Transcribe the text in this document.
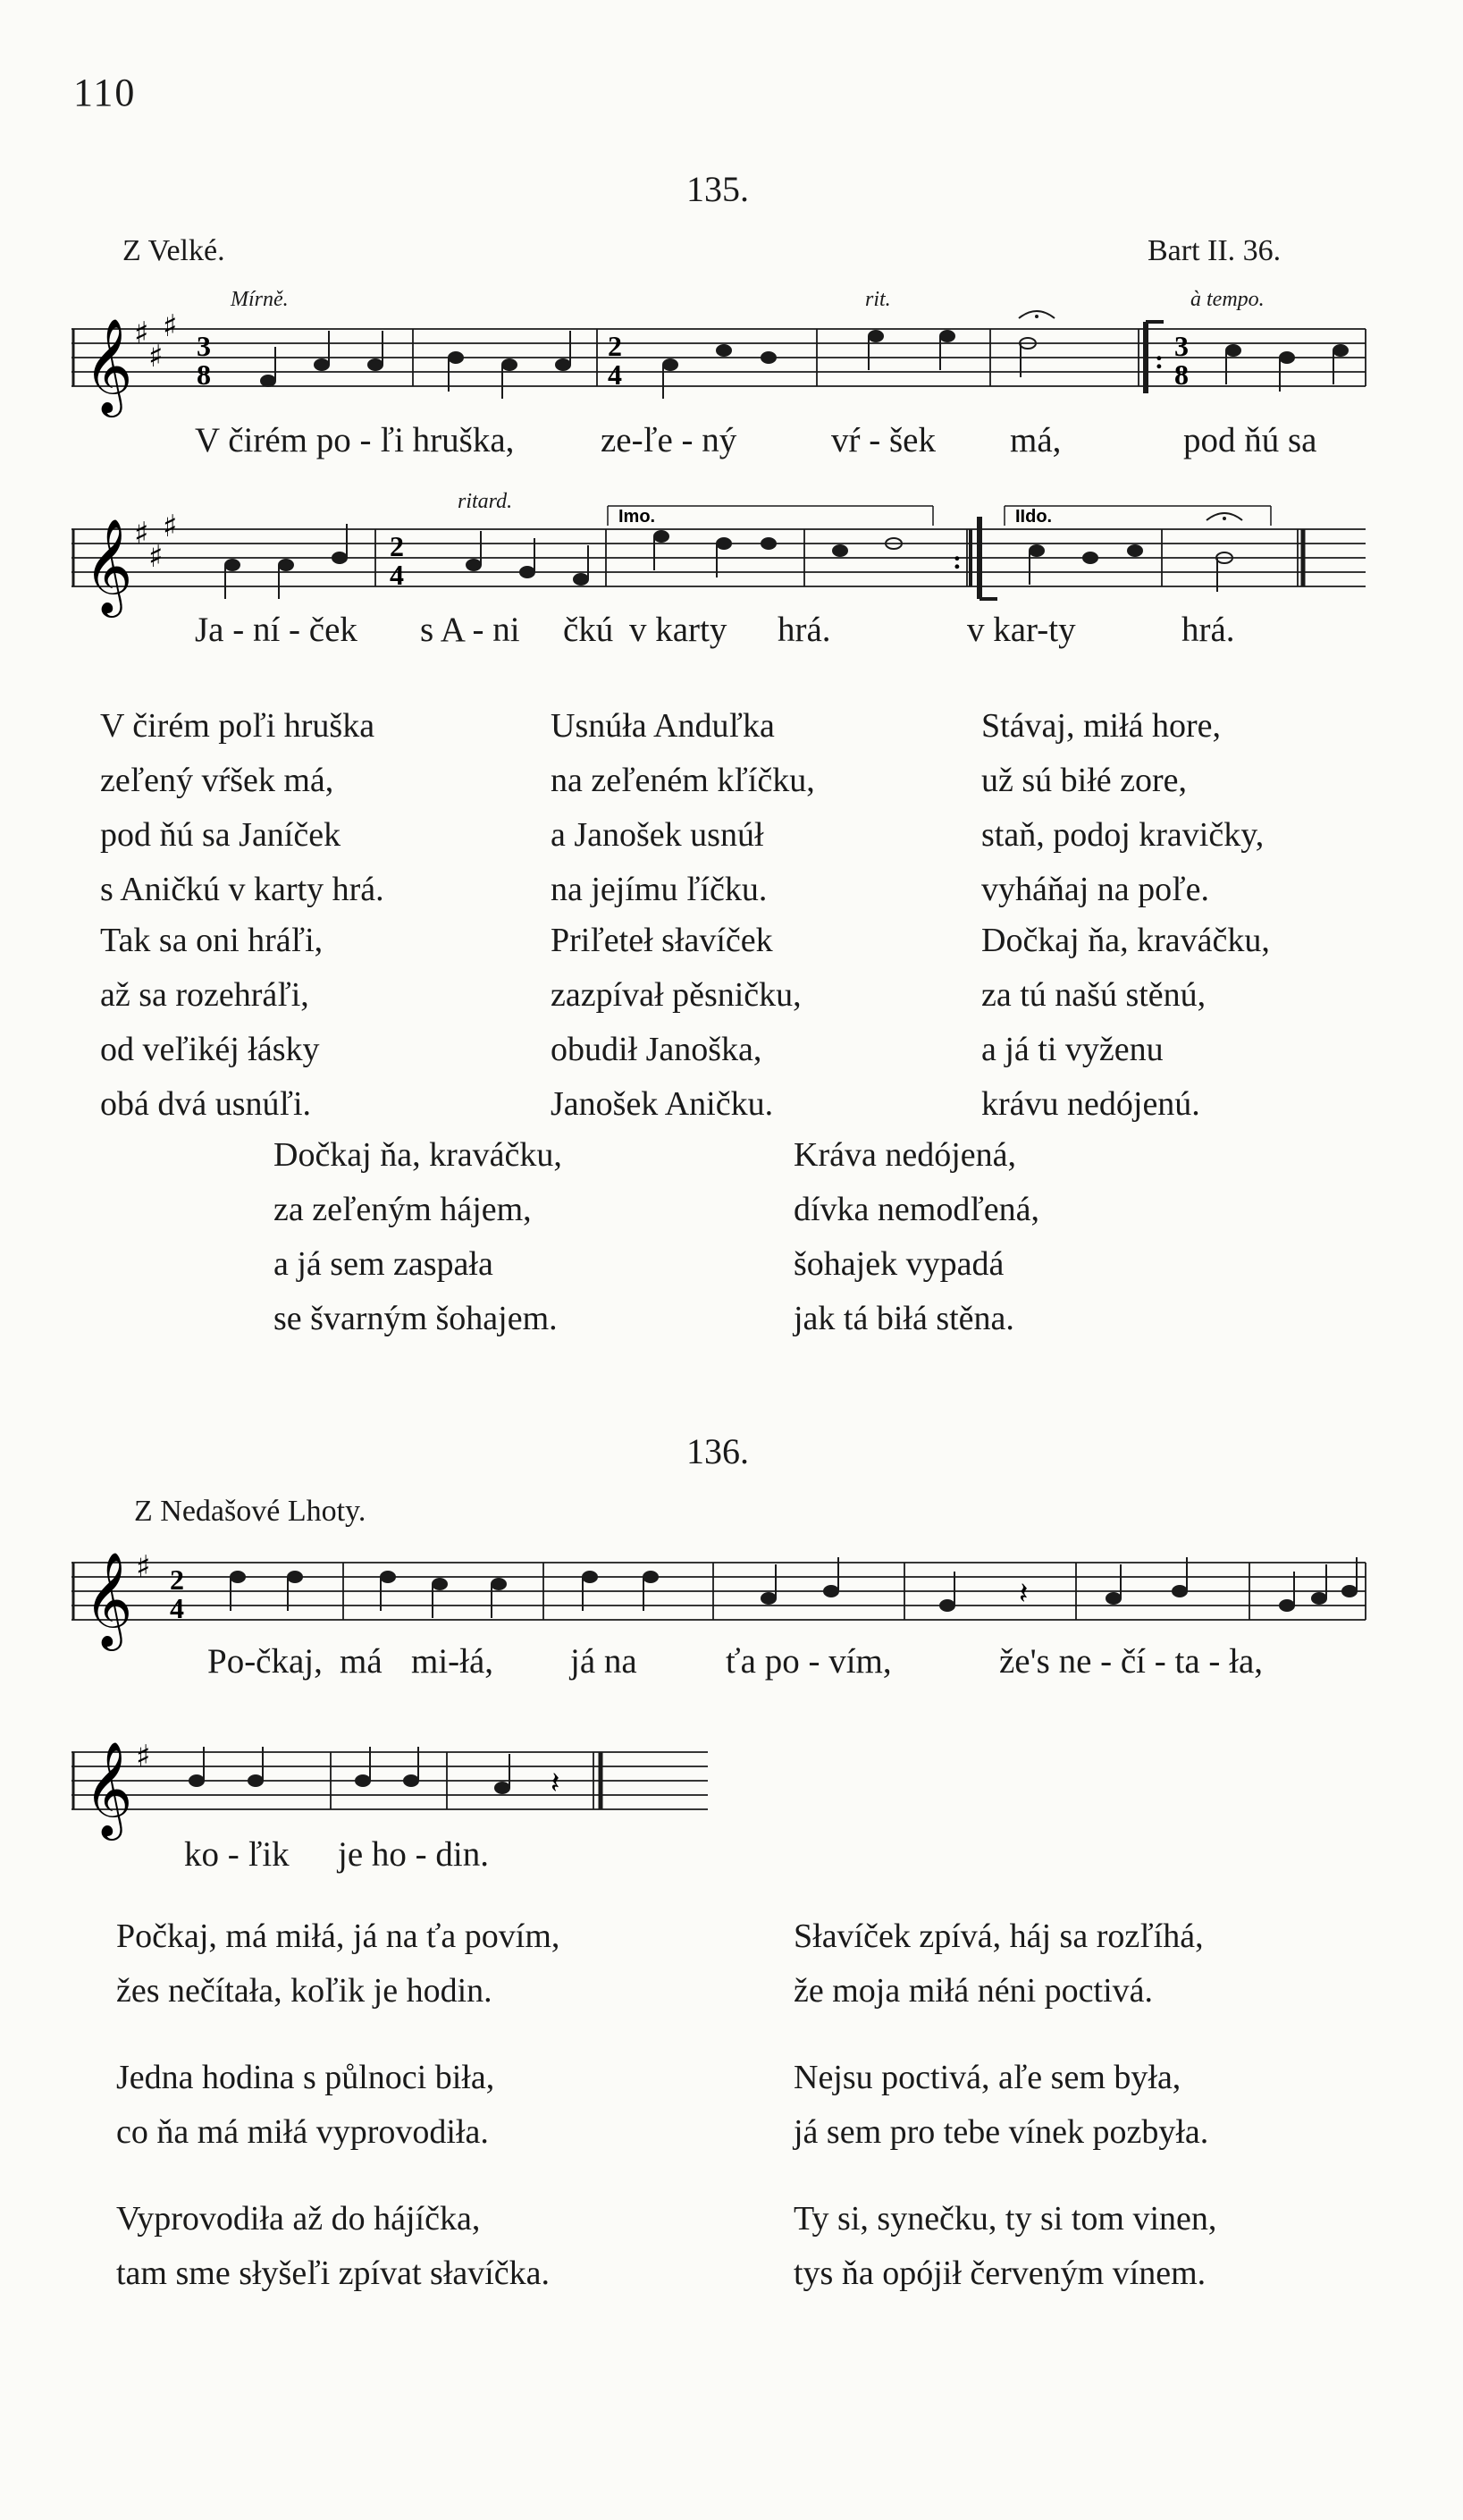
110
135.
Z Velké.	Bart II. 36.
Mírně.	rit.	à tempo.
𝄞 ♯
♯
♯
3
8
2
4
3
8
:
V čirém po - ľi hruška, ze-ľe - ný	vŕ - šek má,	pod ňú sa
ritard.
𝄞 ♯
♯
♯
2
4	:
Imo.	IIdo.
Ja - ní - ček s A - ni čkú v karty hrá.	v kar-ty	hrá.
V čirém poľi hruška
zeľený vŕšek má,
pod ňú sa Janíček
s Aničkú v karty hrá.
Usnúła Anduľka
na zeľeném kľíčku,
a Janošek usnúł
na jejímu ľíčku.
Stávaj, miłá hore,
už sú biłé zore,
staň, podoj kravičky,
vyháňaj na poľe.
Tak sa oni hráľi,
až sa rozehráľi,
od veľikéj łásky
obá dvá usnúľi.
Priľeteł słavíček
zazpívał pěsničku,
obudił Janoška,
Janošek Aničku.
Dočkaj ňa, kraváčku,
za tú našú stěnú,
a já ti vyženu
krávu nedójenú.
Dočkaj ňa, kraváčku,
za zeľeným hájem,
a já sem zaspała
se švarným šohajem.
Kráva nedójená,
dívka nemodľená,
šohajek vypadá
jak tá biłá stěna.
136.
Z Nedašové Lhoty.
𝄞 ♯ 2
4	𝄽
Po-čkaj, má mi-łá, já na	ťa po - vím,	že's ne - čí - ta - ła,
𝄞 ♯
𝄽
ko - ľik je ho - din.
Počkaj, má miłá, já na ťa povím,
žes nečítała, koľik je hodin.
Słavíček zpívá, háj sa rozľíhá,
že moja miłá néni poctivá.
Jedna hodina s půlnoci biła,
co ňa má miłá vyprovodiła.
Nejsu poctivá, aľe sem była,
já sem pro tebe vínek pozbyła.
Vyprovodiła až do hájíčka,
tam sme słyšeľi zpívat słavíčka.
Ty si, synečku, ty si tom vinen,
tys ňa opójił červeným vínem.
